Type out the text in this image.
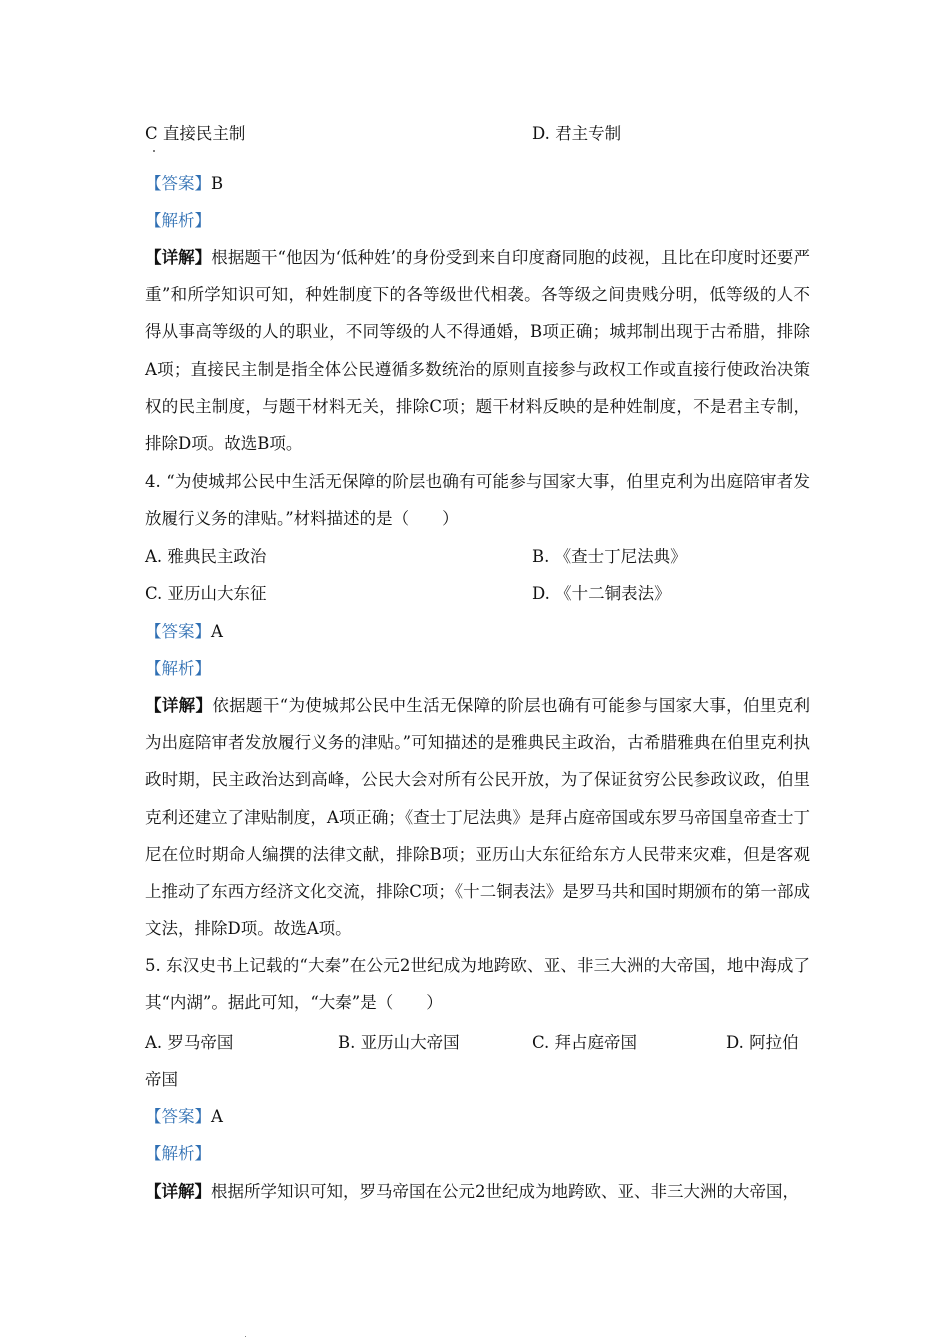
C 直接民主制	D. 君主专制
【答案】B
【解析】

【详解】根据题干“他因为‘低种姓’的身份受到来自印度裔同胞的歧视，且比在印度时还要严重”和所学知识可知，种姓制度下的各等级世代相袭。各等级之间贵贱分明，低等级的人不得从事高等级的人的职业，不同等级的人不得通婚，B项正确；城邦制出现于古希腊，排除A项；直接民主制是指全体公民遵循多数统治的原则直接参与政权工作或直接行使政治决策权的民主制度，与题干材料无关，排除C项；题干材料反映的是种姓制度，不是君主专制，排除D项。故选B项。

4. “为使城邦公民中生活无保障的阶层也确有可能参与国家大事，伯里克利为出庭陪审者发放履行义务的津贴。”材料描述的是（　　）

A. 雅典民主政治	B. 《查士丁尼法典》
C. 亚历山大东征	D. 《十二铜表法》
【答案】A
【解析】

【详解】依据题干“为使城邦公民中生活无保障的阶层也确有可能参与国家大事，伯里克利为出庭陪审者发放履行义务的津贴。”可知描述的是雅典民主政治，古希腊雅典在伯里克利执政时期，民主政治达到高峰，公民大会对所有公民开放，为了保证贫穷公民参政议政，伯里克利还建立了津贴制度，A项正确；《查士丁尼法典》是拜占庭帝国或东罗马帝国皇帝查士丁尼在位时期命人编撰的法律文献，排除B项；亚历山大东征给东方人民带来灾难，但是客观上推动了东西方经济文化交流，排除C项；《十二铜表法》是罗马共和国时期颁布的第一部成文法，排除D项。故选A项。

5. 东汉史书上记载的“大秦”在公元2世纪成为地跨欧、亚、非三大洲的大帝国，地中海成了其“内湖”。据此可知，“大秦”是（　　）

A. 罗马帝国	B. 亚历山大帝国	C. 拜占庭帝国	D. 阿拉伯
帝国
【答案】A
【解析】

【详解】根据所学知识可知，罗马帝国在公元2世纪成为地跨欧、亚、非三大洲的大帝国，
